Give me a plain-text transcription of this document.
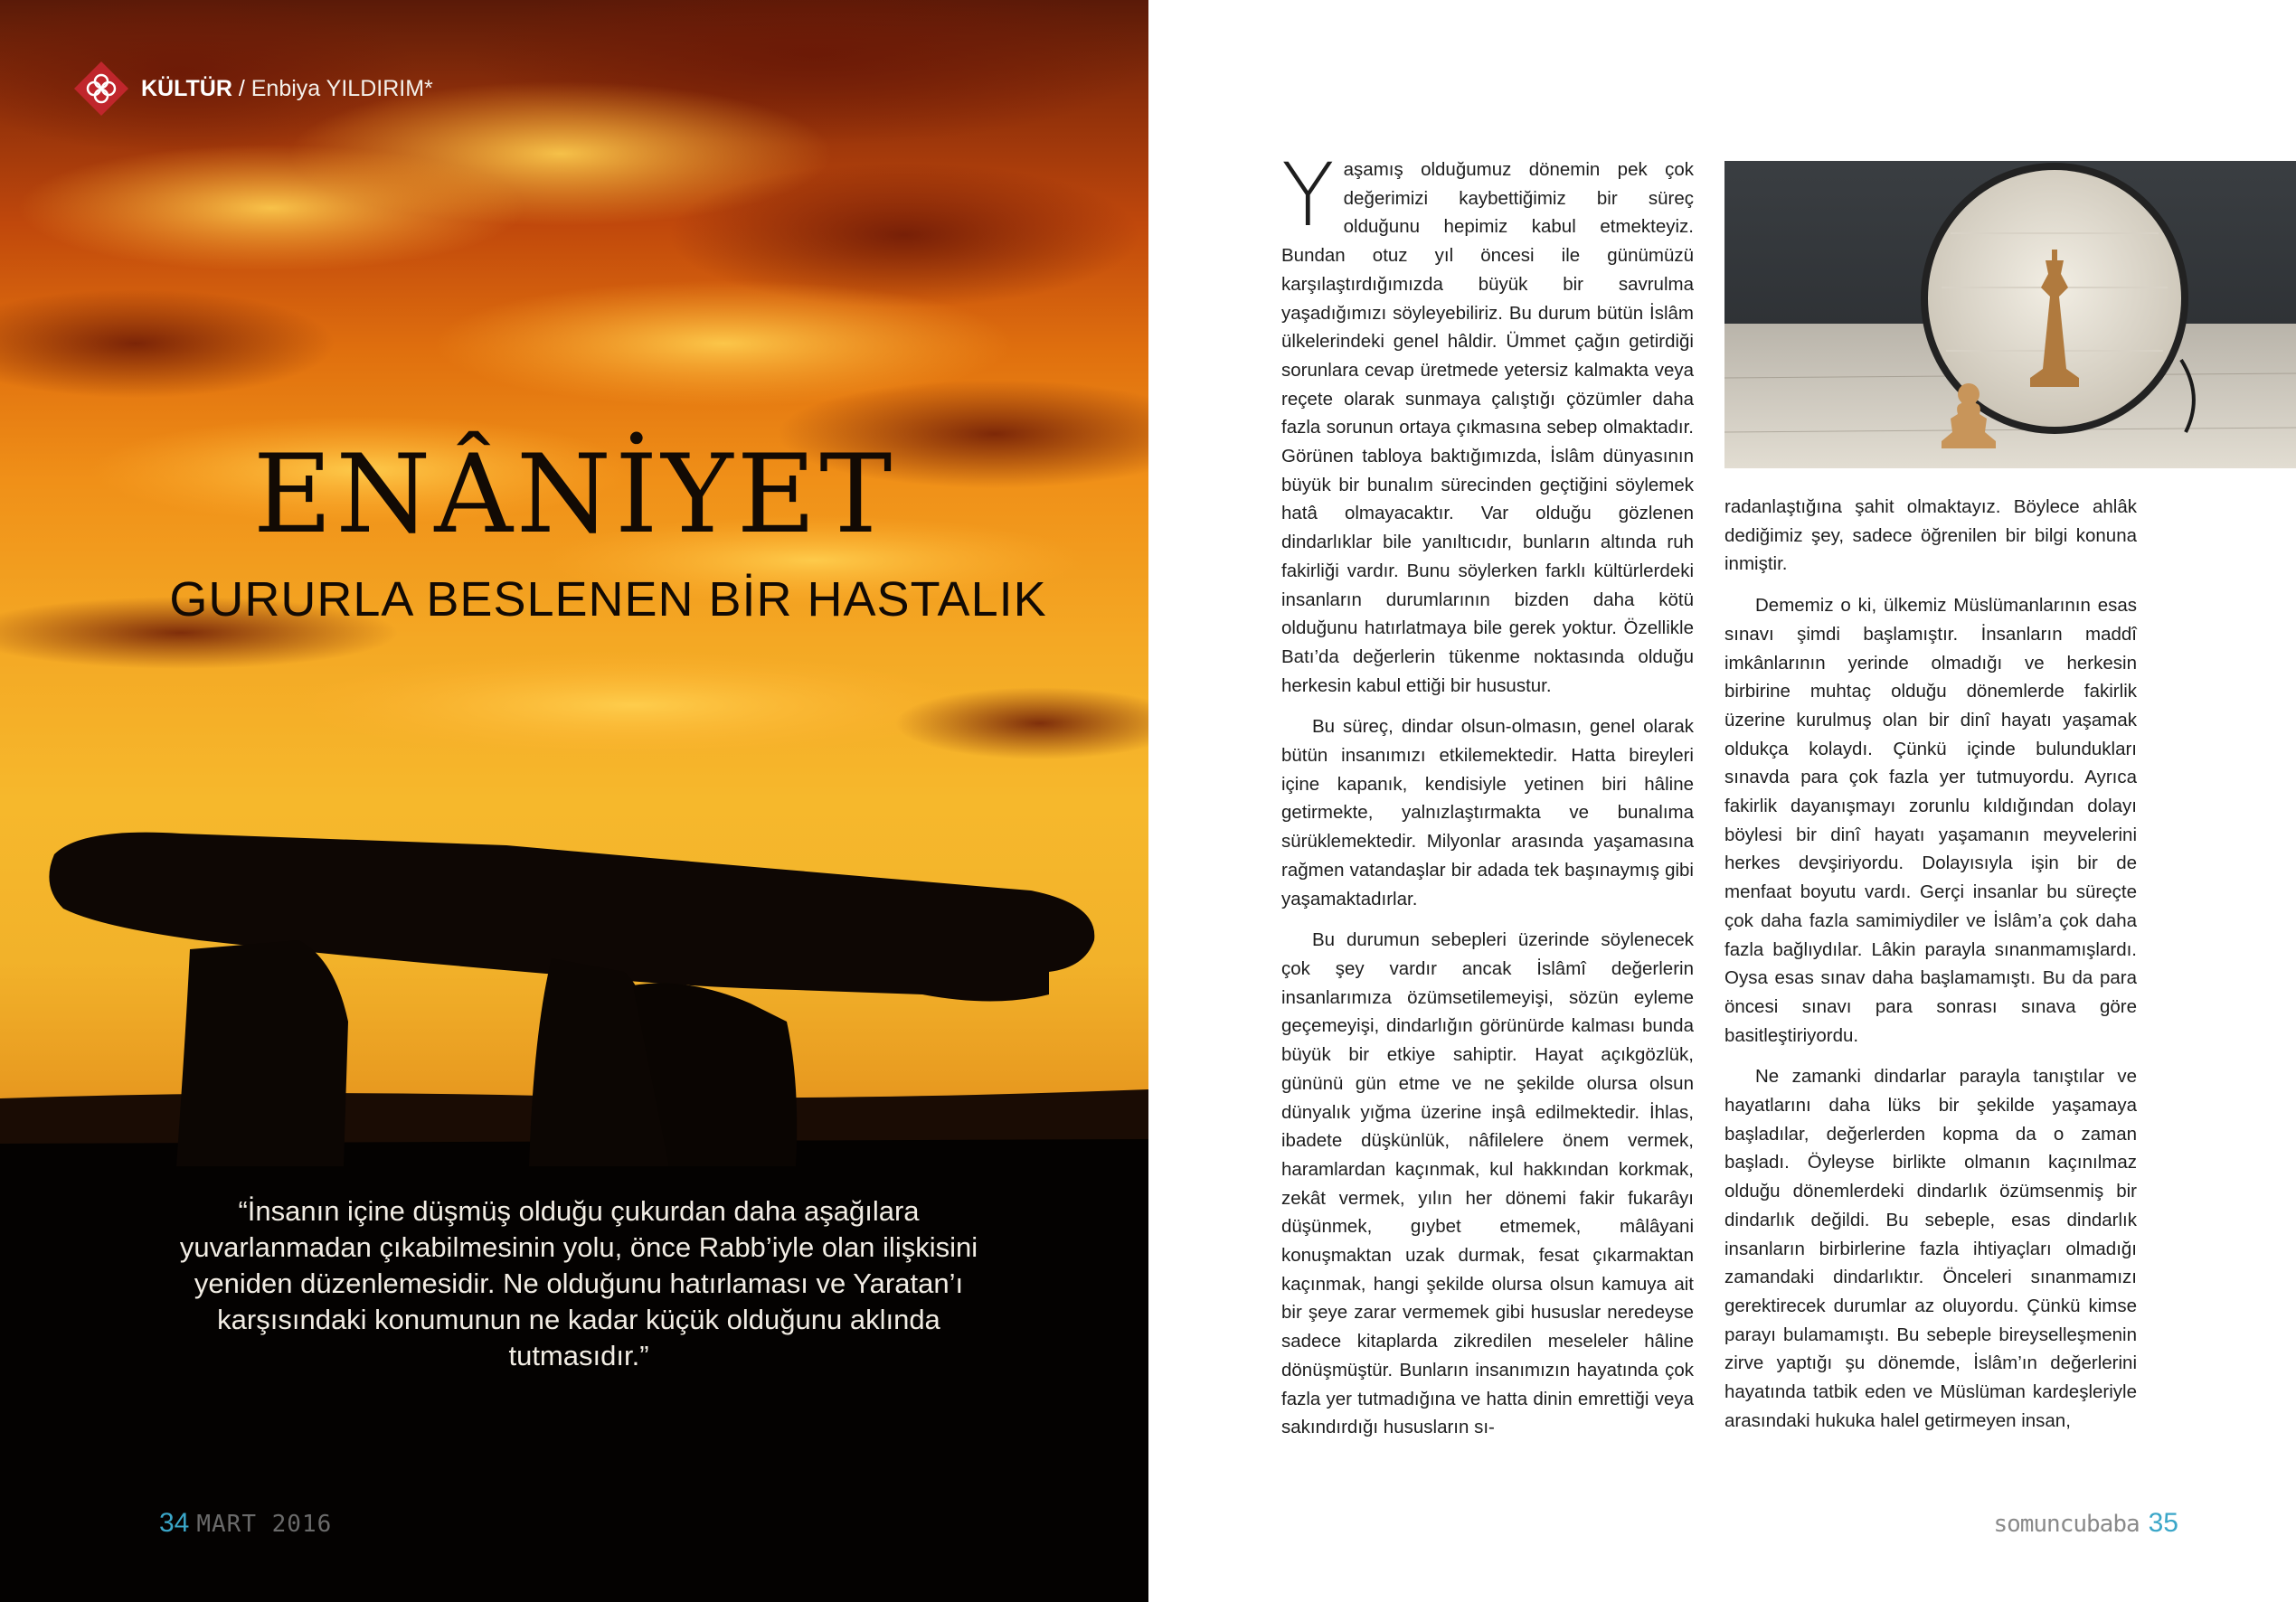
KÜLTÜR / Enbiya YILDIRIM*
ENÂNİYET
GURURLA BESLENEN BİR HASTALIK
“İnsanın içine düşmüş olduğu çukurdan daha aşağılara yuvarlanmadan çıkabilmesinin yolu, önce Rabb’iyle olan ilişkisini yeniden düzenlemesidir. Ne olduğunu hatırlaması ve Yaratan’ı karşısındaki konumunun ne kadar küçük olduğunu aklında tutmasıdır.”
34 MART 2016

Yaşamış olduğumuz dönemin pek çok değerimizi kaybettiğimiz bir süreç olduğunu hepimiz kabul etmekteyiz. Bundan otuz yıl öncesi ile günümüzü karşılaştırdığımızda büyük bir savrulma yaşadığımızı söyleyebiliriz. Bu durum bütün İslâm ülkelerindeki genel hâldir. Ümmet çağın getirdiği sorunlara cevap üretmede yetersiz kalmakta veya reçete olarak sunmaya çalıştığı çözümler daha fazla sorunun ortaya çıkmasına sebep olmaktadır. Görünen tabloya baktığımızda, İslâm dünyasının büyük bir bunalım sürecinden geçtiğini söylemek hatâ olmayacaktır. Var olduğu gözlenen dindarlıklar bile yanıltıcıdır, bunların altında ruh fakirliği vardır. Bunu söylerken farklı kültürlerdeki insanların durumlarının bizden daha kötü olduğunu hatırlatmaya bile gerek yoktur. Özellikle Batı’da değerlerin tükenme noktasında olduğu herkesin kabul ettiği bir husustur.

Bu süreç, dindar olsun-olmasın, genel olarak bütün insanımızı etkilemektedir. Hatta bireyleri içine kapanık, kendisiyle yetinen biri hâline getirmekte, yalnızlaştırmakta ve bunalıma sürüklemektedir. Milyonlar arasında yaşamasına rağmen vatandaşlar bir adada tek başınaymış gibi yaşamaktadırlar.

Bu durumun sebepleri üzerinde söylenecek çok şey vardır ancak İslâmî değerlerin insanlarımıza özümsetilemeyişi, sözün eyleme geçemeyişi, dindarlığın görünürde kalması bunda büyük bir etkiye sahiptir. Hayat açıkgözlük, gününü gün etme ve ne şekilde olursa olsun dünyalık yığma üzerine inşâ edilmektedir. İhlas, ibadete düşkünlük, nâfilelere önem vermek, haramlardan kaçınmak, kul hakkından korkmak, zekât vermek, yılın her dönemi fakir fukarâyı düşünmek, gıybet etmemek, mâlâyani konuşmaktan uzak durmak, fesat çıkarmaktan kaçınmak, hangi şekilde olursa olsun kamuya ait bir şeye zarar vermemek gibi hususlar neredeyse sadece kitaplarda zikredilen meseleler hâline dönüşmüştür. Bunların insanımızın hayatında çok fazla yer tutmadığına ve hatta dinin emrettiği veya sakındırdığı hususların sı-

radanlaştığına şahit olmaktayız. Böylece ahlâk dediğimiz şey, sadece öğrenilen bir bilgi konuna inmiştir.

Dememiz o ki, ülkemiz Müslümanlarının esas sınavı şimdi başlamıştır. İnsanların maddî imkânlarının yerinde olmadığı ve herkesin birbirine muhtaç olduğu dönemlerde fakirlik üzerine kurulmuş olan bir dinî hayatı yaşamak oldukça kolaydı. Çünkü içinde bulundukları sınavda para çok fazla yer tutmuyordu. Ayrıca fakirlik dayanışmayı zorunlu kıldığından dolayı böylesi bir dinî hayatı yaşamanın meyvelerini herkes devşiriyordu. Dolayısıyla işin bir de menfaat boyutu vardı. Gerçi insanlar bu süreçte çok daha fazla samimiydiler ve İslâm’a çok daha fazla bağlıydılar. Lâkin parayla sınanmamışlardı. Oysa esas sınav daha başlamamıştı. Bu da para öncesi sınavı para sonrası sınava göre basitleştiriyordu.

Ne zamanki dindarlar parayla tanıştılar ve hayatlarını daha lüks bir şekilde yaşamaya başladılar, değerlerden kopma da o zaman başladı. Öyleyse birlikte olmanın kaçınılmaz olduğu dönemlerdeki dindarlık özümsenmiş bir dindarlık değildi. Bu sebeple, esas dindarlık insanların birbirlerine fazla ihtiyaçları olmadığı zamandaki dindarlıktır. Önceleri sınanmamızı gerektirecek durumlar az oluyordu. Çünkü kimse parayı bulamamıştı. Bu sebeple bireyselleşmenin zirve yaptığı şu dönemde, İslâm’ın değerlerini hayatında tatbik eden ve Müslüman kardeşleriyle arasındaki hukuka halel getirmeyen insan,

somuncubaba 35
